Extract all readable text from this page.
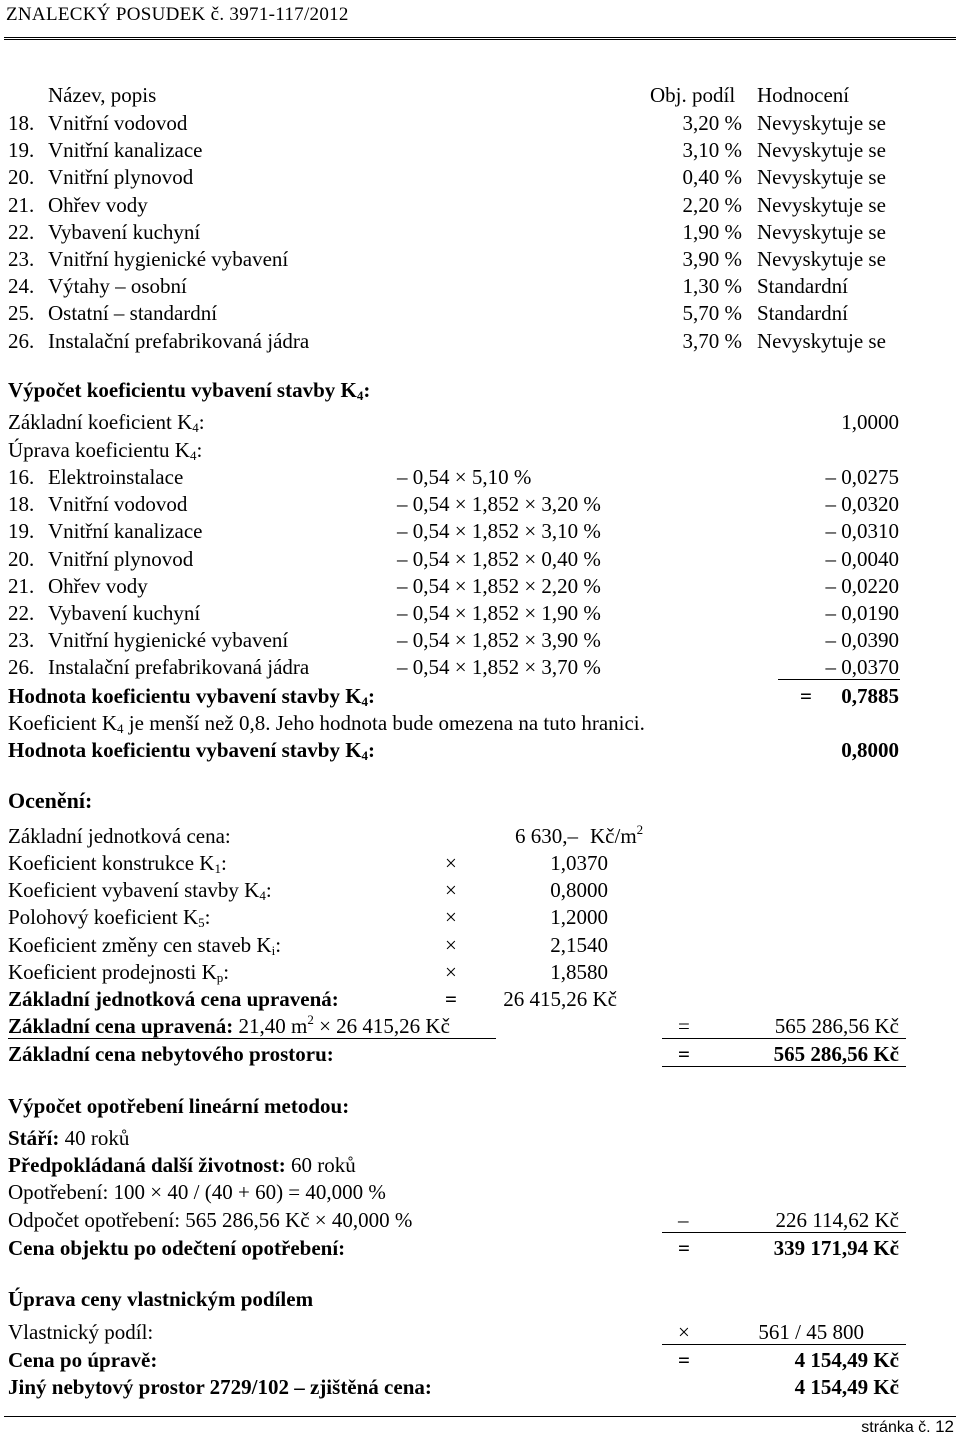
ZNALECKÝ POSUDEK č. 3971-117/2012
Název, popis	Obj. podíl Hodnocení
18. Vnitřní vodovod	3,20 % Nevyskytuje se
19. Vnitřní kanalizace	3,10 % Nevyskytuje se
20. Vnitřní plynovod	0,40 % Nevyskytuje se
21. Ohřev vody	2,20 % Nevyskytuje se
22. Vybavení kuchyní	1,90 % Nevyskytuje se
23. Vnitřní hygienické vybavení	3,90 % Nevyskytuje se
24. Výtahy – osobní	1,30 % Standardní
25. Ostatní – standardní	5,70 % Standardní
26. Instalační prefabrikovaná jádra	3,70 % Nevyskytuje se
Výpočet koeficientu vybavení stavby $K_4$:
Základní koeficient $K_4$:	1,0000
Úprava koeficientu $K_4$:
16. Elektroinstalace	– 0,54 × 5,10 %	– 0,0275
18. Vnitřní vodovod	– 0,54 × 1,852 × 3,20 %	– 0,0320
19. Vnitřní kanalizace	– 0,54 × 1,852 × 3,10 %	– 0,0310
20. Vnitřní plynovod	– 0,54 × 1,852 × 0,40 %	– 0,0040
21. Ohřev vody	– 0,54 × 1,852 × 2,20 %	– 0,0220
22. Vybavení kuchyní	– 0,54 × 1,852 × 1,90 %	– 0,0190
23. Vnitřní hygienické vybavení	– 0,54 × 1,852 × 3,90 %	– 0,0390
26. Instalační prefabrikovaná jádra	– 0,54 × 1,852 × 3,70 %	– 0,0370
Hodnota koeficientu vybavení stavby $K_4$:	= 0,7885
Koeficient $K_4$ je menší než 0,8. Jeho hodnota bude omezena na tuto hranici.
Hodnota koeficientu vybavení stavby $K_4$:	0,8000
Ocenění:
Základní jednotková cena:	6 630,– $Kč/m^2$
Koeficient konstrukce $K_1$:	×	1,0370
Koeficient vybavení stavby $K_4$:	×	0,8000
Polohový koeficient $K_5$:	×	1,2000
Koeficient změny cen staveb $K_i$:	×	2,1540
Koeficient prodejnosti $K_p$:	×	1,8580
Základní jednotková cena upravená:	= 26 415,26 Kč
Základní cena upravená: 21,40 $m^2 \times 26$ 415,26 Kč	=	565 286,56 Kč
Základní cena nebytového prostoru:	=	565 286,56 Kč
Výpočet opotřebení lineární metodou:
Stáří: 40 roků
Předpokládaná další životnost: 60 roků
Opotřebení: 100 × 40 / (40 + 60) = 40,000 %
Odpočet opotřebení: 565 286,56 Kč × 40,000 %	–	226 114,62 Kč
Cena objektu po odečtení opotřebení:	=	339 171,94 Kč
Úprava ceny vlastnickým podílem
Vlastnický podíl:	×	561 / 45 800
Cena po úpravě:	=	4 154,49 Kč
Jiný nebytový prostor 2729/102 – zjištěná cena:	4 154,49 Kč
stránka č. 12
